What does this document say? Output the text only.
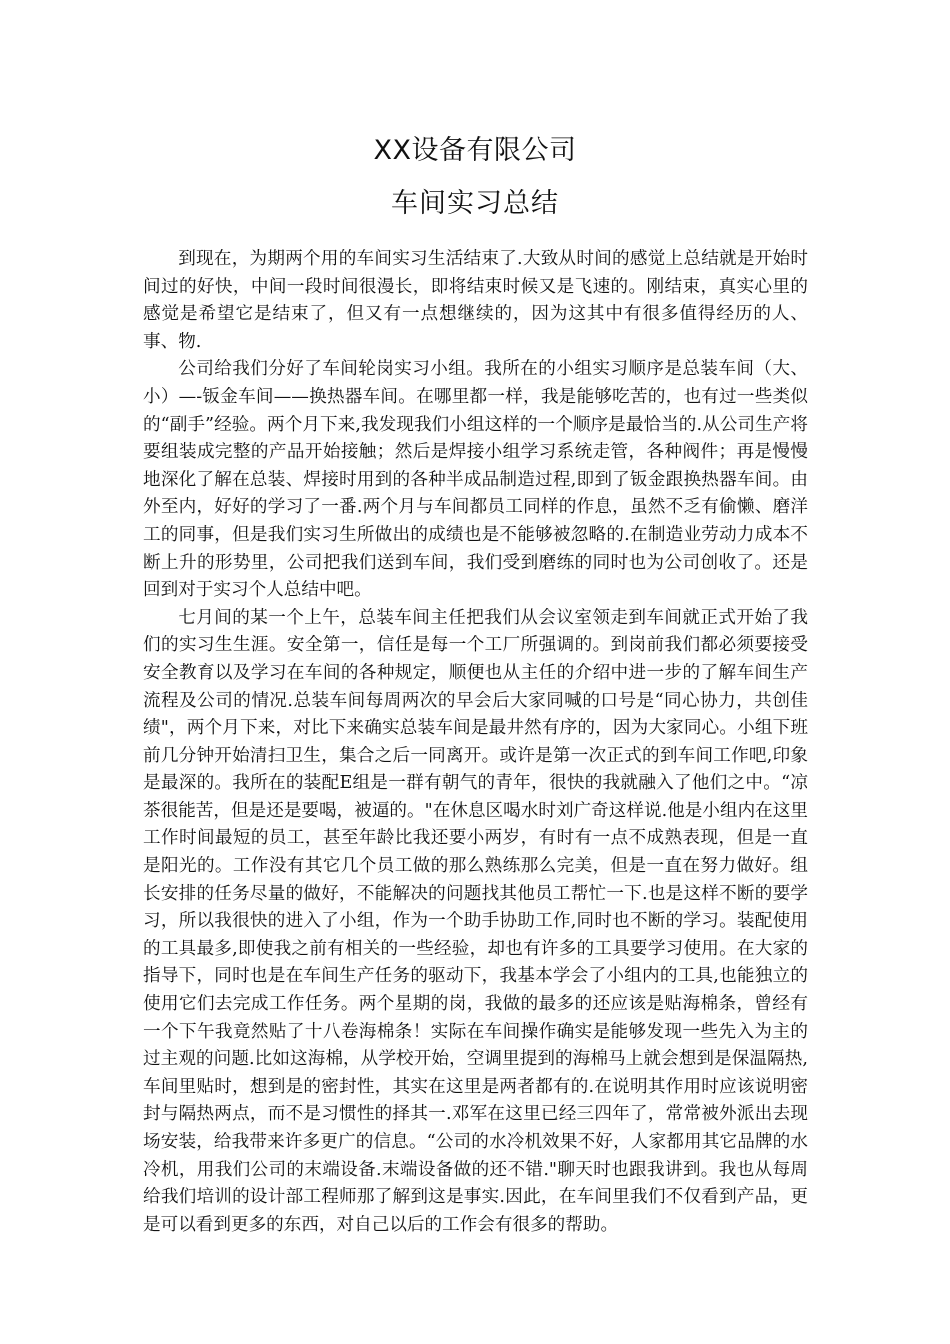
XX设备有限公司
车间实习总结

到现在，为期两个用的车间实习生活结束了.大致从时间的感觉上总结就是开始时间过的好快，中间一段时间很漫长，即将结束时候又是飞速的。刚结束，真实心里的感觉是希望它是结束了，但又有一点想继续的，因为这其中有很多值得经历的人、事、物.

公司给我们分好了车间轮岗实习小组。我所在的小组实习顺序是总装车间（大、小）—-钣金车间——换热器车间。在哪里都一样，我是能够吃苦的，也有过一些类似的“副手”经验。两个月下来,我发现我们小组这样的一个顺序是最恰当的.从公司生产将要组装成完整的产品开始接触；然后是焊接小组学习系统走管，各种阀件；再是慢慢地深化了解在总装、焊接时用到的各种半成品制造过程,即到了钣金跟换热器车间。由外至内，好好的学习了一番.两个月与车间都员工同样的作息，虽然不乏有偷懒、磨洋工的同事，但是我们实习生所做出的成绩也是不能够被忽略的.在制造业劳动力成本不断上升的形势里，公司把我们送到车间，我们受到磨练的同时也为公司创收了。还是回到对于实习个人总结中吧。

七月间的某一个上午，总装车间主任把我们从会议室领走到车间就正式开始了我们的实习生生涯。安全第一，信任是每一个工厂所强调的。到岗前我们都必须要接受安全教育以及学习在车间的各种规定，顺便也从主任的介绍中进一步的了解车间生产流程及公司的情况.总装车间每周两次的早会后大家同喊的口号是“同心协力，共创佳绩"，两个月下来，对比下来确实总装车间是最井然有序的，因为大家同心。小组下班前几分钟开始清扫卫生，集合之后一同离开。或许是第一次正式的到车间工作吧,印象是最深的。我所在的装配E组是一群有朝气的青年，很快的我就融入了他们之中。“凉茶很能苦，但是还是要喝，被逼的。"在休息区喝水时刘广奇这样说.他是小组内在这里工作时间最短的员工，甚至年龄比我还要小两岁，有时有一点不成熟表现，但是一直是阳光的。工作没有其它几个员工做的那么熟练那么完美，但是一直在努力做好。组长安排的任务尽量的做好，不能解决的问题找其他员工帮忙一下.也是这样不断的要学习，所以我很快的进入了小组，作为一个助手协助工作,同时也不断的学习。装配使用的工具最多,即使我之前有相关的一些经验，却也有许多的工具要学习使用。在大家的指导下，同时也是在车间生产任务的驱动下，我基本学会了小组内的工具,也能独立的使用它们去完成工作任务。两个星期的岗，我做的最多的还应该是贴海棉条，曾经有一个下午我竟然贴了十八卷海棉条！实际在车间操作确实是能够发现一些先入为主的过主观的问题.比如这海棉，从学校开始，空调里提到的海棉马上就会想到是保温隔热,车间里贴时，想到是的密封性，其实在这里是两者都有的.在说明其作用时应该说明密封与隔热两点，而不是习惯性的择其一.邓军在这里已经三四年了，常常被外派出去现场安装，给我带来许多更广的信息。“公司的水冷机效果不好，人家都用其它品牌的水冷机，用我们公司的末端设备.末端设备做的还不错."聊天时也跟我讲到。我也从每周给我们培训的设计部工程师那了解到这是事实.因此，在车间里我们不仅看到产品，更是可以看到更多的东西，对自己以后的工作会有很多的帮助。
